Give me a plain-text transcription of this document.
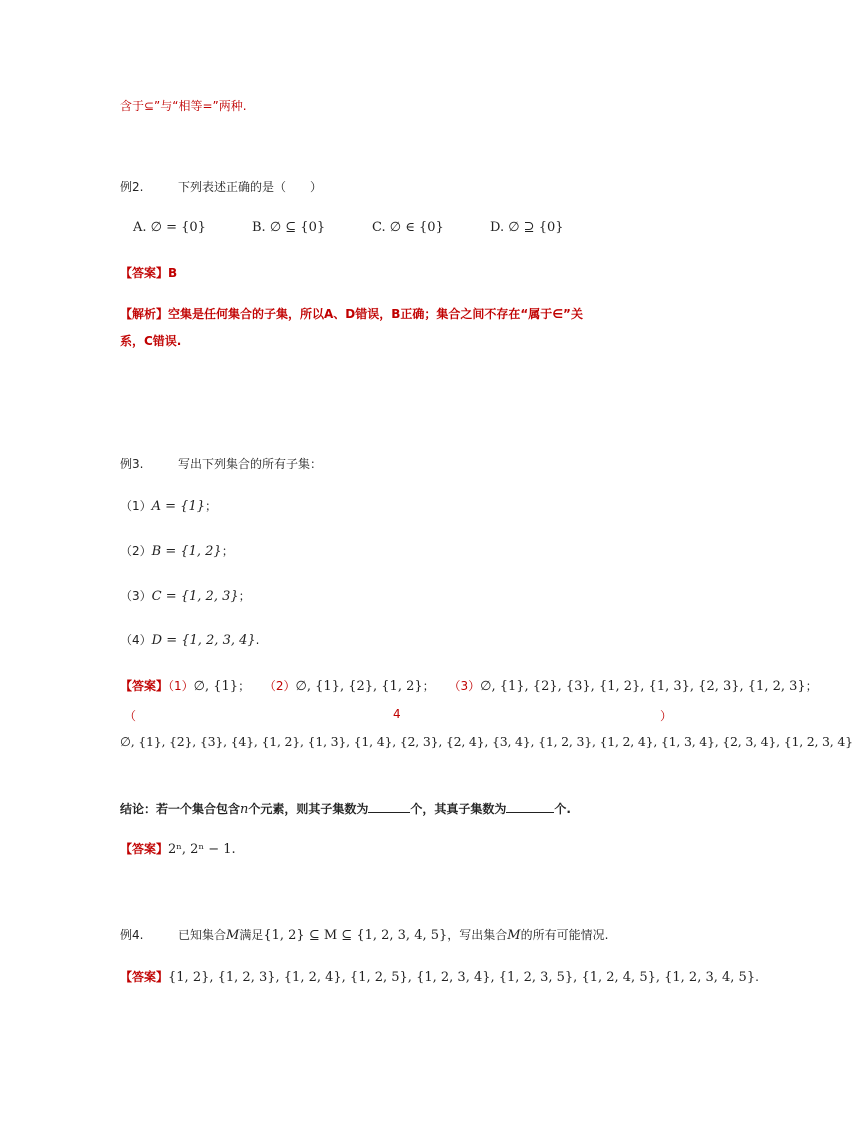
含于⊆”与“相等=”两种.
例2.	下列表述正确的是（　　）
A. ∅ = {0}	B. ∅ ⊆ {0}	C. ∅ ∈ {0}	D. ∅ ⊇ {0}
【答案】B
【解析】空集是任何集合的子集，所以A、D错误，B正确；集合之间不存在“属于∈”关
系，C错误.
例3.	写出下列集合的所有子集：
（1）A = {1}；
（2）B = {1, 2}；
（3）C = {1, 2, 3}；
（4）D = {1, 2, 3, 4}.
【答案】（1）∅, {1}； （2）∅, {1}, {2}, {1, 2}； （3）∅, {1}, {2}, {3}, {1, 2}, {1, 3}, {2, 3}, {1, 2, 3}；
（	4	）
∅, {1}, {2}, {3}, {4}, {1, 2}, {1, 3}, {1, 4}, {2, 3}, {2, 4}, {3, 4}, {1, 2, 3}, {1, 2, 4}, {1, 3, 4}, {2, 3, 4}, {1, 2, 3, 4}
结论：若一个集合包含n个元素，则其子集数为	个，其真子集数为	个.
【答案】2ⁿ, 2ⁿ − 1.
例4.	已知集合M满足{1, 2} ⊆ M ⊆ {1, 2, 3, 4, 5}，写出集合M的所有可能情况.
【答案】{1, 2}, {1, 2, 3}, {1, 2, 4}, {1, 2, 5}, {1, 2, 3, 4}, {1, 2, 3, 5}, {1, 2, 4, 5}, {1, 2, 3, 4, 5}.
